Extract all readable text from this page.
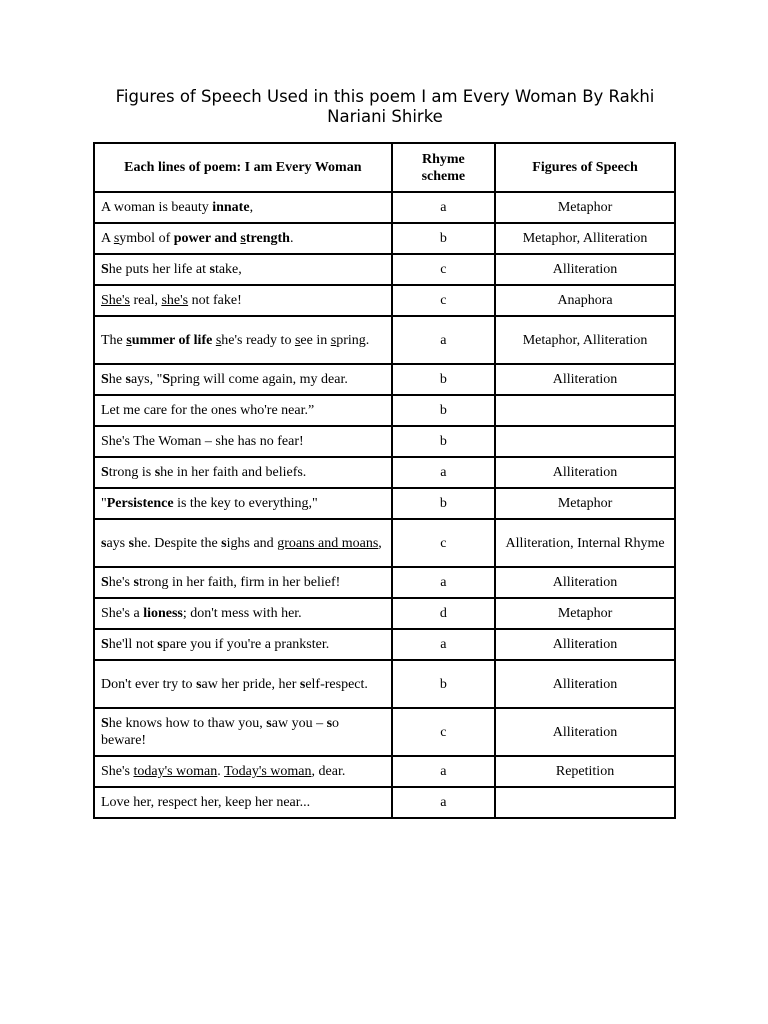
Figures of Speech Used in this poem I am Every Woman By Rakhi
Nariani Shirke
Each lines of poem: I am Every Woman	Rhyme scheme	Figures of Speech
A woman is beauty innate,	a	Metaphor
A symbol of power and strength.	b	Metaphor, Alliteration
She puts her life at stake,	c	Alliteration
She's real, she's not fake!	c	Anaphora
The summer of life she's ready to see in spring.	a	Metaphor, Alliteration
She says, "Spring will come again, my dear.	b	Alliteration
Let me care for the ones who're near.”	b	
She's The Woman – she has no fear!	b	
Strong is she in her faith and beliefs.	a	Alliteration
"Persistence is the key to everything,"	b	Metaphor
says she. Despite the sighs and groans and moans,	c	Alliteration, Internal Rhyme
She's strong in her faith, firm in her belief!	a	Alliteration
She's a lioness; don't mess with her.	d	Metaphor
She'll not spare you if you're a prankster.	a	Alliteration
Don't ever try to saw her pride, her self-respect.	b	Alliteration
She knows how to thaw you, saw you – so beware!	c	Alliteration
She's today's woman. Today's woman, dear.	a	Repetition
Love her, respect her, keep her near...	a	
